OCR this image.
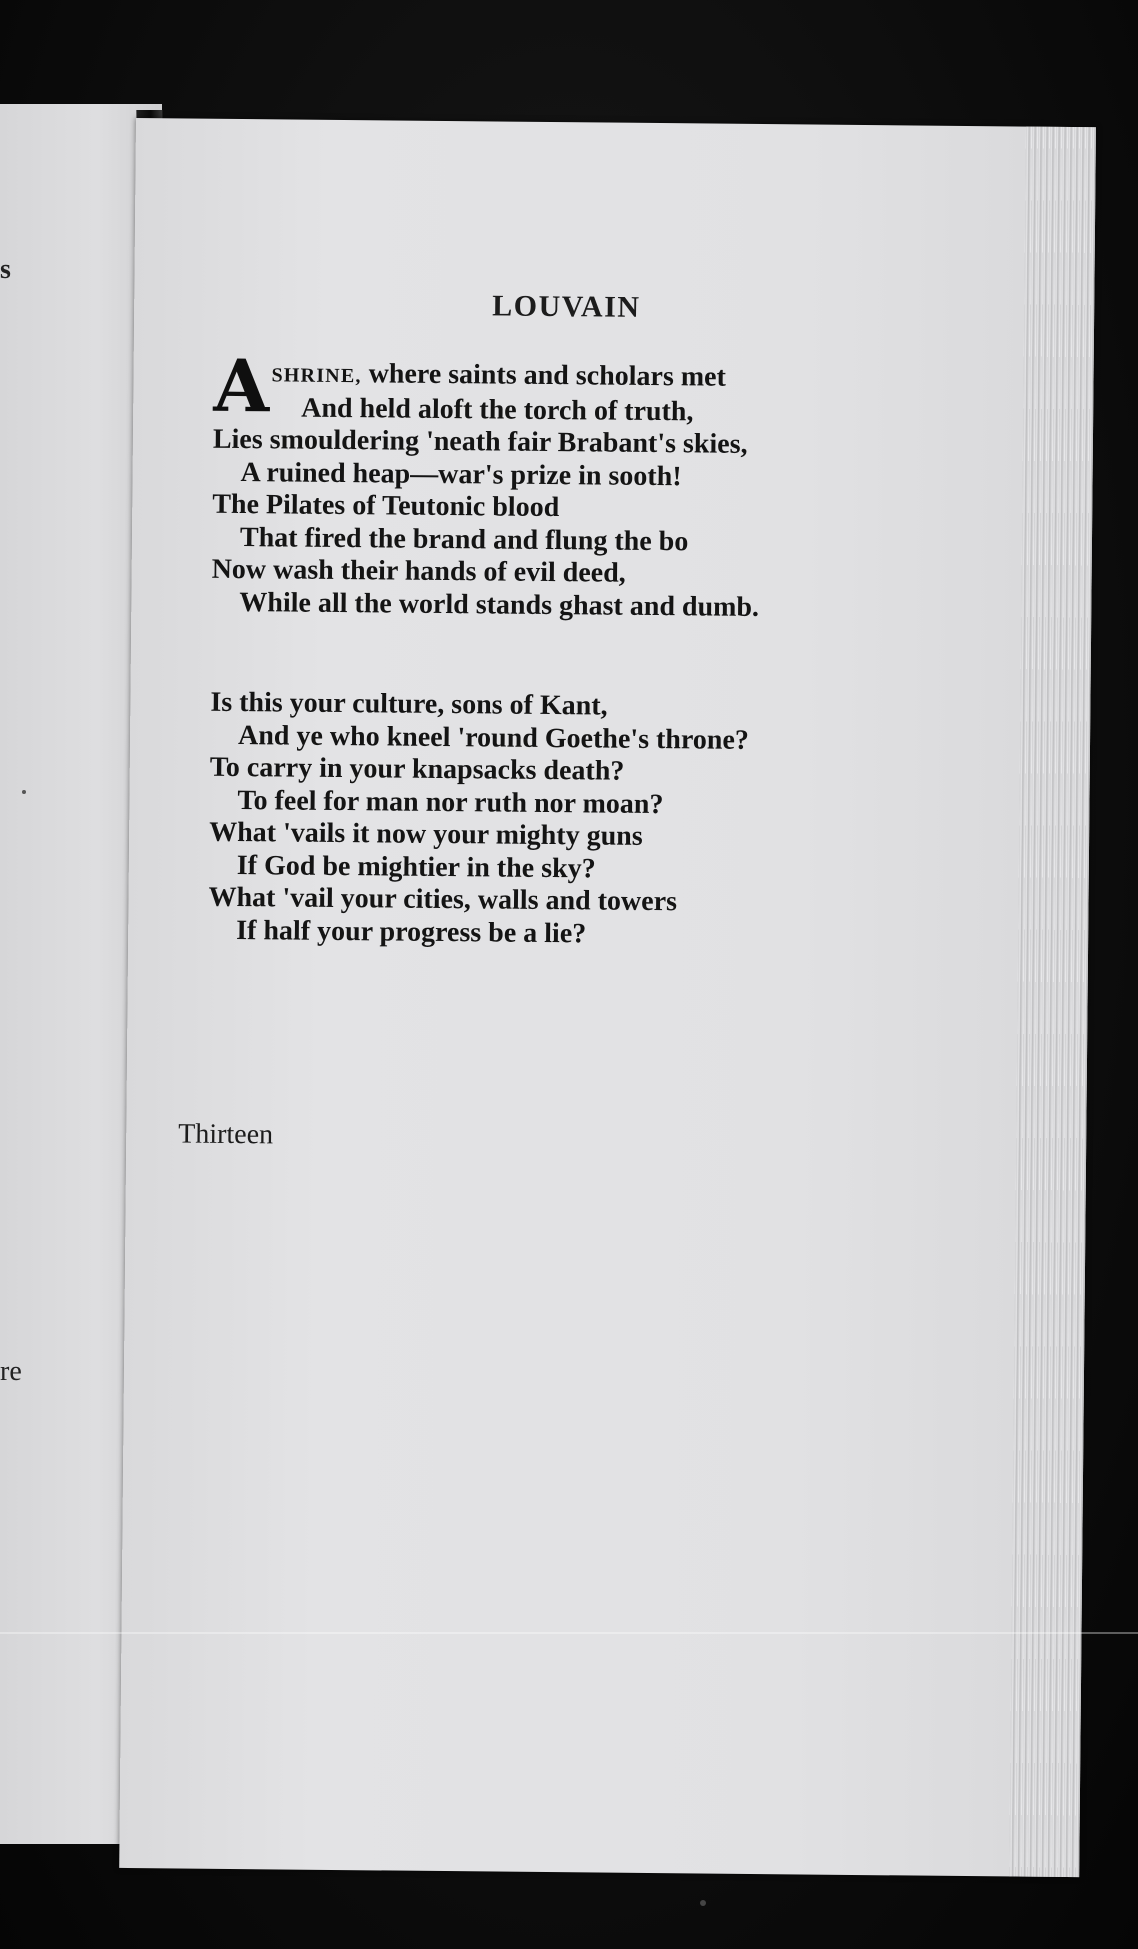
s
re
LOUVAIN
A SHRINE, where saints and scholars met
And held aloft the torch of truth,
Lies smouldering 'neath fair Brabant's skies,
A ruined heap—war's prize in sooth!
The Pilates of Teutonic blood
That fired the brand and flung the bo
Now wash their hands of evil deed,
While all the world stands ghast and dumb.
Is this your culture, sons of Kant,
And ye who kneel 'round Goethe's throne?
To carry in your knapsacks death?
To feel for man nor ruth nor moan?
What 'vails it now your mighty guns
If God be mightier in the sky?
What 'vail your cities, walls and towers
If half your progress be a lie?
Thirteen
